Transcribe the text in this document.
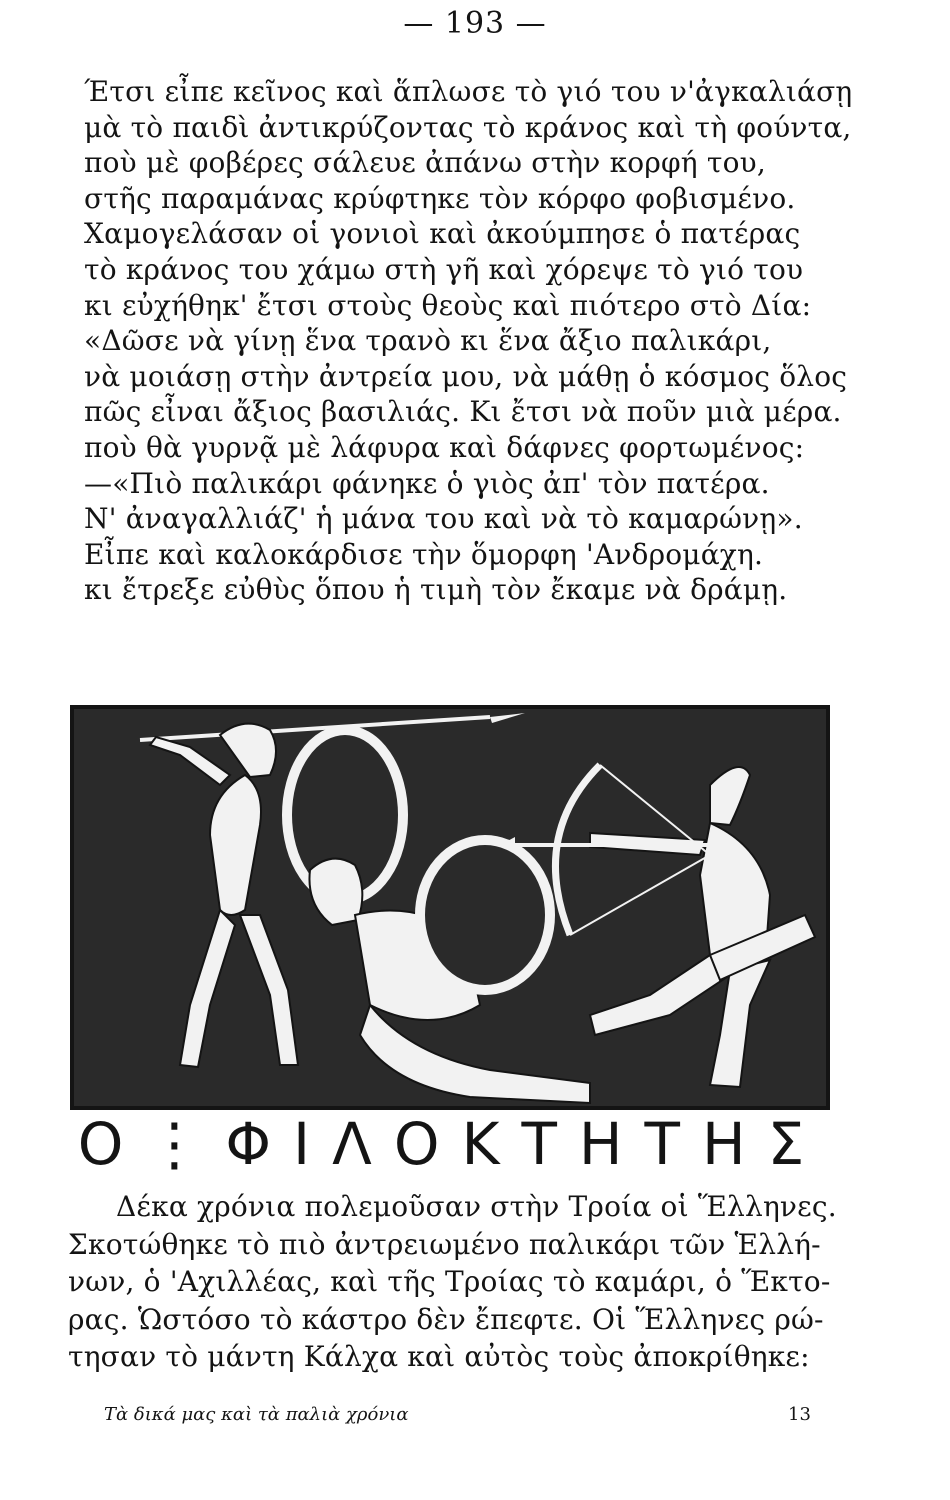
— 193 —
Έτσι εἶπε κεῖνος καὶ ἅπλωσε τὸ γιό του ν'ἀγκαλιάσῃ
μὰ τὸ παιδὶ ἀντικρύζοντας τὸ κράνος καὶ τὴ φούντα,
ποὺ μὲ φοβέρες σάλευε ἀπάνω στὴν κορφή του,
στῆς παραμάνας κρύφτηκε τὸν κόρφο φοβισμένο.
Χαμογελάσαν οἱ γονιοὶ καὶ ἀκούμπησε ὁ πατέρας
τὸ κράνος του χάμω στὴ γῆ καὶ χόρεψε τὸ γιό του
κι εὐχήθηκ' ἔτσι στοὺς θεοὺς καὶ πιότερο στὸ Δία:
«Δῶσε νὰ γίνῃ ἕνα τρανὸ κι ἕνα ἄξιο παλικάρι,
νὰ μοιάσῃ στὴν ἀντρεία μου, νὰ μάθῃ ὁ κόσμος ὅλος
πῶς εἶναι ἄξιος βασιλιάς. Κι ἔτσι νὰ ποῦν μιὰ μέρα.
ποὺ θὰ γυρνᾷ μὲ λάφυρα καὶ δάφνες φορτωμένος:
—«Πιὸ παλικάρι φάνηκε ὁ γιὸς ἀπ' τὸν πατέρα.
Ν' ἀναγαλλιάζ' ἡ μάνα του καὶ νὰ τὸ καμαρώνῃ».
Εἶπε καὶ καλοκάρδισε τὴν ὅμορφη 'Ανδρομάχη.
κι ἔτρεξε εὐθὺς ὅπου ἡ τιμὴ τὸν ἔκαμε νὰ δράμῃ.
Ο⋮ΦΙΛΟΚΤΗΤΗΣ
Δέκα χρόνια πολεμοῦσαν στὴν Τροία οἱ Ἕλληνες.
Σκοτώθηκε τὸ πιὸ ἀντρειωμένο παλικάρι τῶν Ἑλλή-
νων, ὁ 'Αχιλλέας, καὶ τῆς Τροίας τὸ καμάρι, ὁ Ἕκτο-
ρας. Ὡστόσο τὸ κάστρο δὲν ἔπεφτε. Οἱ Ἕλληνες ρώ-
τησαν τὸ μάντη Κάλχα καὶ αὐτὸς τοὺς ἀποκρίθηκε:
Τὰ δικά μας καὶ τὰ παλιὰ χρόνια	13
